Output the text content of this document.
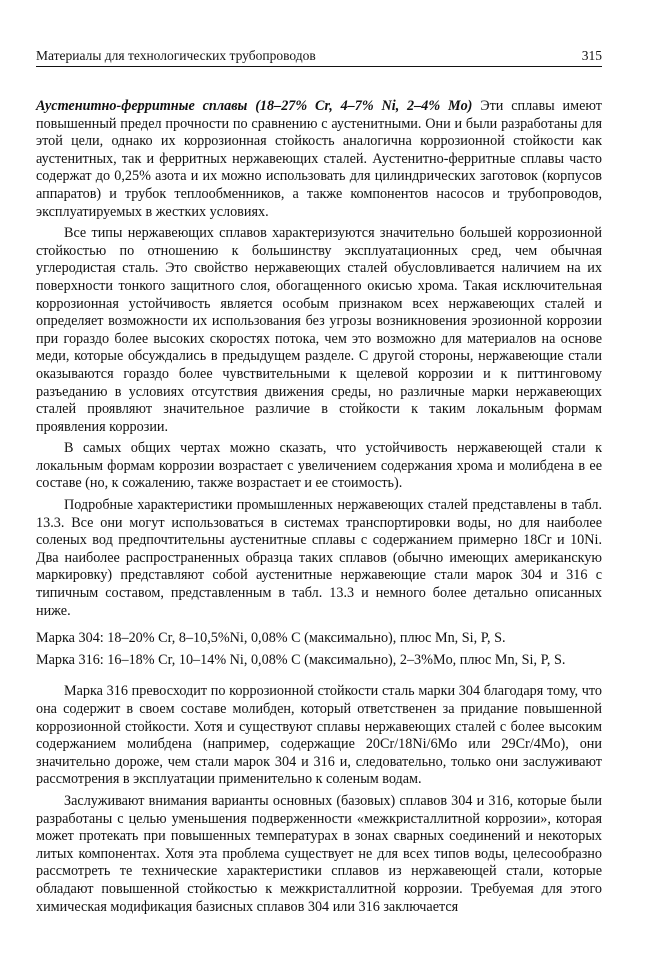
Материалы для технологических трубопроводов	315

Аустенитно-ферритные сплавы (18–27% Cr, 4–7% Ni, 2–4% Mo) Эти сплавы имеют повышенный предел прочности по сравнению с аустенитными. Они и были разработаны для этой цели, однако их коррозионная стойкость аналогична коррозионной стойкости как аустенитных, так и ферритных нержавеющих сталей. Аустенитно-ферритные сплавы часто содержат до 0,25% азота и их можно использовать для цилиндрических заготовок (корпусов аппаратов) и трубок теплообменников, а также компонентов насосов и трубопроводов, эксплуатируемых в жестких условиях.

Все типы нержавеющих сплавов характеризуются значительно большей коррозионной стойкостью по отношению к большинству эксплуатационных сред, чем обычная углеродистая сталь. Это свойство нержавеющих сталей обусловливается наличием на их поверхности тонкого защитного слоя, обогащенного окисью хрома. Такая исключительная коррозионная устойчивость является особым признаком всех нержавеющих сталей и определяет возможности их использования без угрозы возникновения эрозионной коррозии при гораздо более высоких скоростях потока, чем это возможно для материалов на основе меди, которые обсуждались в предыдущем разделе. С другой стороны, нержавеющие стали оказываются гораздо более чувствительными к щелевой коррозии и к питтинговому разъеданию в условиях отсутствия движения среды, но различные марки нержавеющих сталей проявляют значительное различие в стойкости к таким локальным формам проявления коррозии.

В самых общих чертах можно сказать, что устойчивость нержавеющей стали к локальным формам коррозии возрастает с увеличением содержания хрома и молибдена в ее составе (но, к сожалению, также возрастает и ее стоимость).

Подробные характеристики промышленных нержавеющих сталей представлены в табл. 13.3. Все они могут использоваться в системах транспортировки воды, но для наиболее соленых вод предпочтительны аустенитные сплавы с содержанием примерно 18Cr и 10Ni. Два наиболее распространенных образца таких сплавов (обычно имеющих американскую маркировку) представляют собой аустенитные нержавеющие стали марок 304 и 316 с типичным составом, представленным в табл. 13.3 и немного более детально описанных ниже.

Марка 304: 18–20% Cr, 8–10,5%Ni, 0,08% С (максимально), плюс Mn, Si, P, S.

Марка 316: 16–18% Cr, 10–14% Ni, 0,08% С (максимально), 2–3%Mo, плюс Mn, Si, P, S.

Марка 316 превосходит по коррозионной стойкости сталь марки 304 благодаря тому, что она содержит в своем составе молибден, который ответственен за придание повышенной коррозионной стойкости. Хотя и существуют сплавы нержавеющих сталей с более высоким содержанием молибдена (например, содержащие 20Cr/18Ni/6Mo или 29Cr/4Mo), они значительно дороже, чем стали марок 304 и 316 и, следовательно, только они заслуживают рассмотрения в эксплуатации применительно к соленым водам.

Заслуживают внимания варианты основных (базовых) сплавов 304 и 316, которые были разработаны с целью уменьшения подверженности «межкристаллитной коррозии», которая может протекать при повышенных температурах в зонах сварных соединений и некоторых литых компонентах. Хотя эта проблема существует не для всех типов воды, целесообразно рассмотреть те технические характеристики сплавов из нержавеющей стали, которые обладают повышенной стойкостью к межкристаллитной коррозии. Требуемая для этого химическая модификация базисных сплавов 304 или 316 заключается
